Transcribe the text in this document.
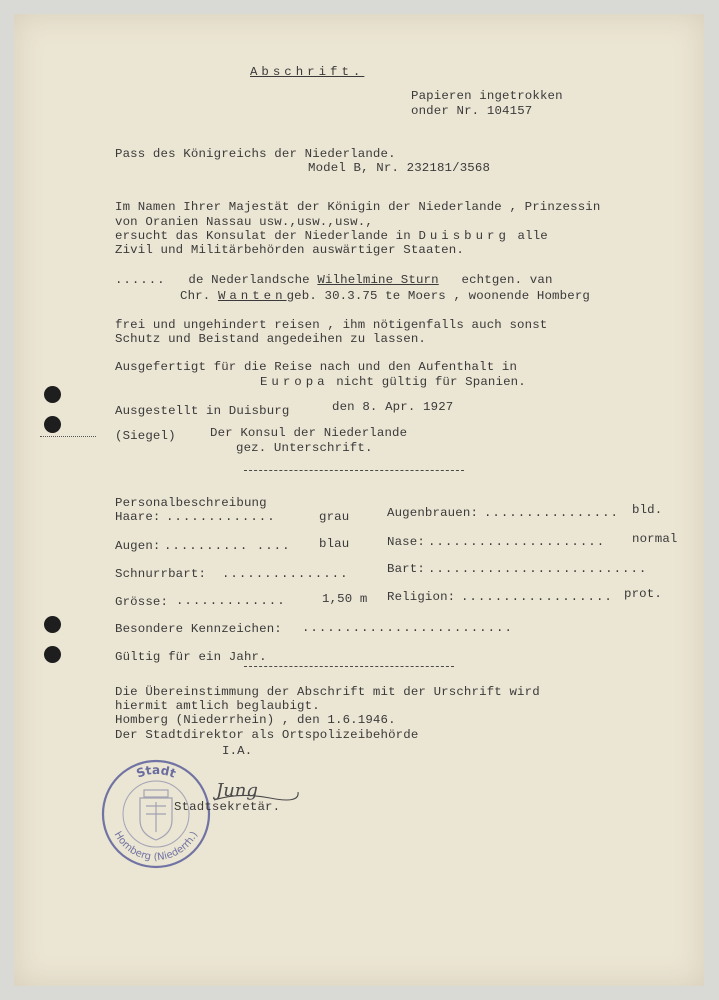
Abschrift.
Papieren ingetrokken
onder Nr. 104157
Pass des Königreichs der Niederlande.
Model B, Nr. 232181/3568
Im Namen Ihrer Majestät der Königin der Niederlande , Prinzessin
von Oranien Nassau usw.,usw.,usw.,
ersucht das Konsulat der Niederlande in Duisburg alle
Zivil und Militärbehörden auswärtiger Staaten.
...... de Nederlandsche Wilhelmine Sturn echtgen. van
Chr. Wantengeb. 30.3.75 te Moers , woonende Homberg
frei und ungehindert reisen , ihm nötigenfalls auch sonst
Schutz und Beistand angedeihen zu lassen.
Ausgefertigt für die Reise nach und den Aufenthalt in
Europa nicht gültig für Spanien.
Ausgestellt in Duisburg	den 8. Apr. 1927
(Siegel)	Der Konsul der Niederlande
gez. Unterschrift.
Personalbeschreibung
Haare: .............	grau	Augenbrauen: ................ bld.
Augen: .......... .... blau	Nase: ..................... normal
Schnurrbart: ...............	Bart: ..........................
Grösse: .............	1,50 m Religion: .................. prot.
Besondere Kennzeichen: .........................
Gültig für ein Jahr.
Die Übereinstimmung der Abschrift mit der Urschrift wird
hiermit amtlich beglaubigt.
Homberg (Niederrhein) , den 1.6.1946.
Der Stadtdirektor als Ortspolizeibehörde
I.A.
Stadt
Homberg (Niederrh.)
Jung
Stadtsekretär.
